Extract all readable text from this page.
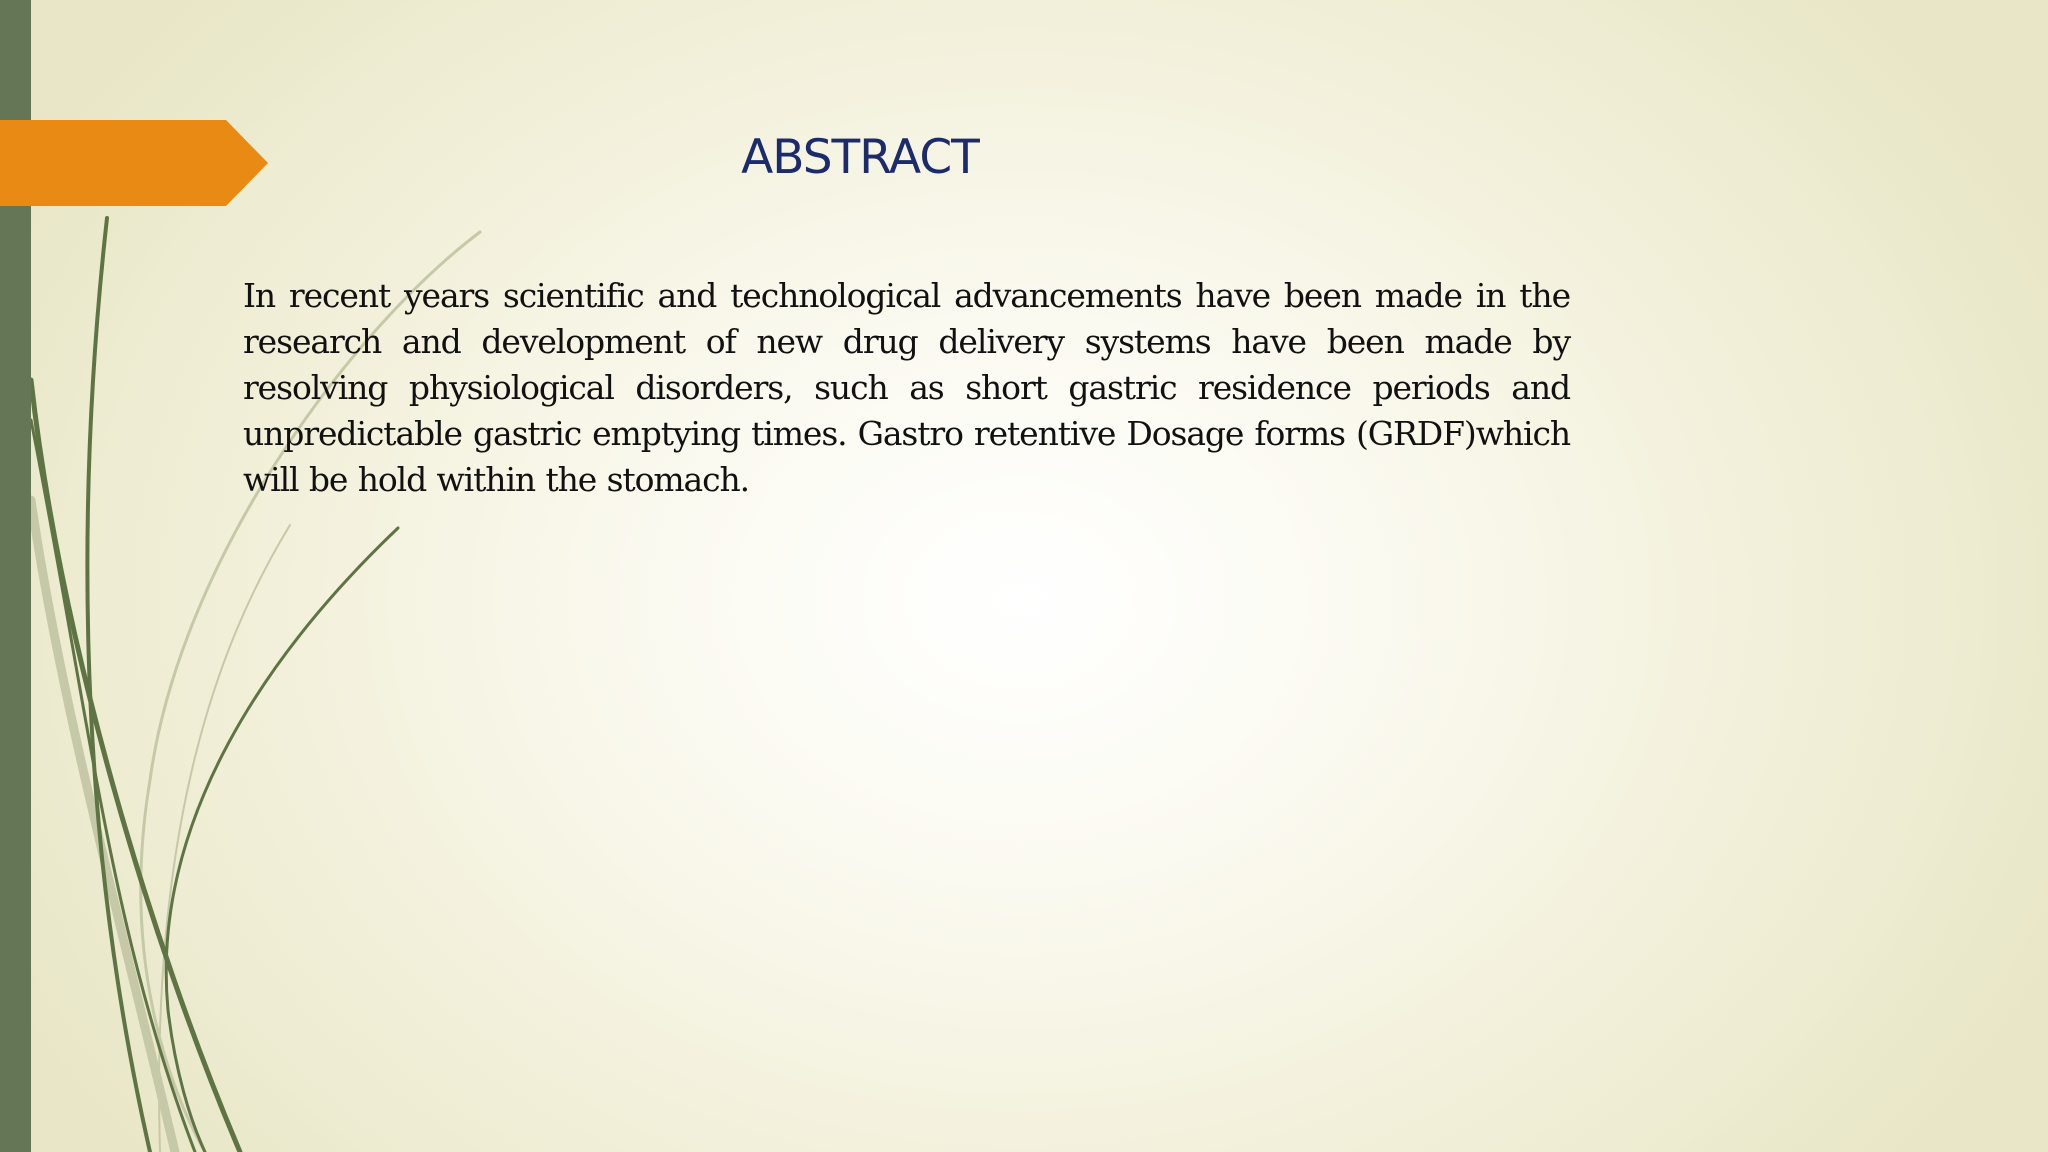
ABSTRACT

In recent years scientific and technological advancements have been made in the research and development of new drug delivery systems have been made by resolving physiological disorders, such as short gastric residence periods and unpredictable gastric emptying times. Gastro retentive Dosage forms (GRDF)which will be hold within the stomach.
